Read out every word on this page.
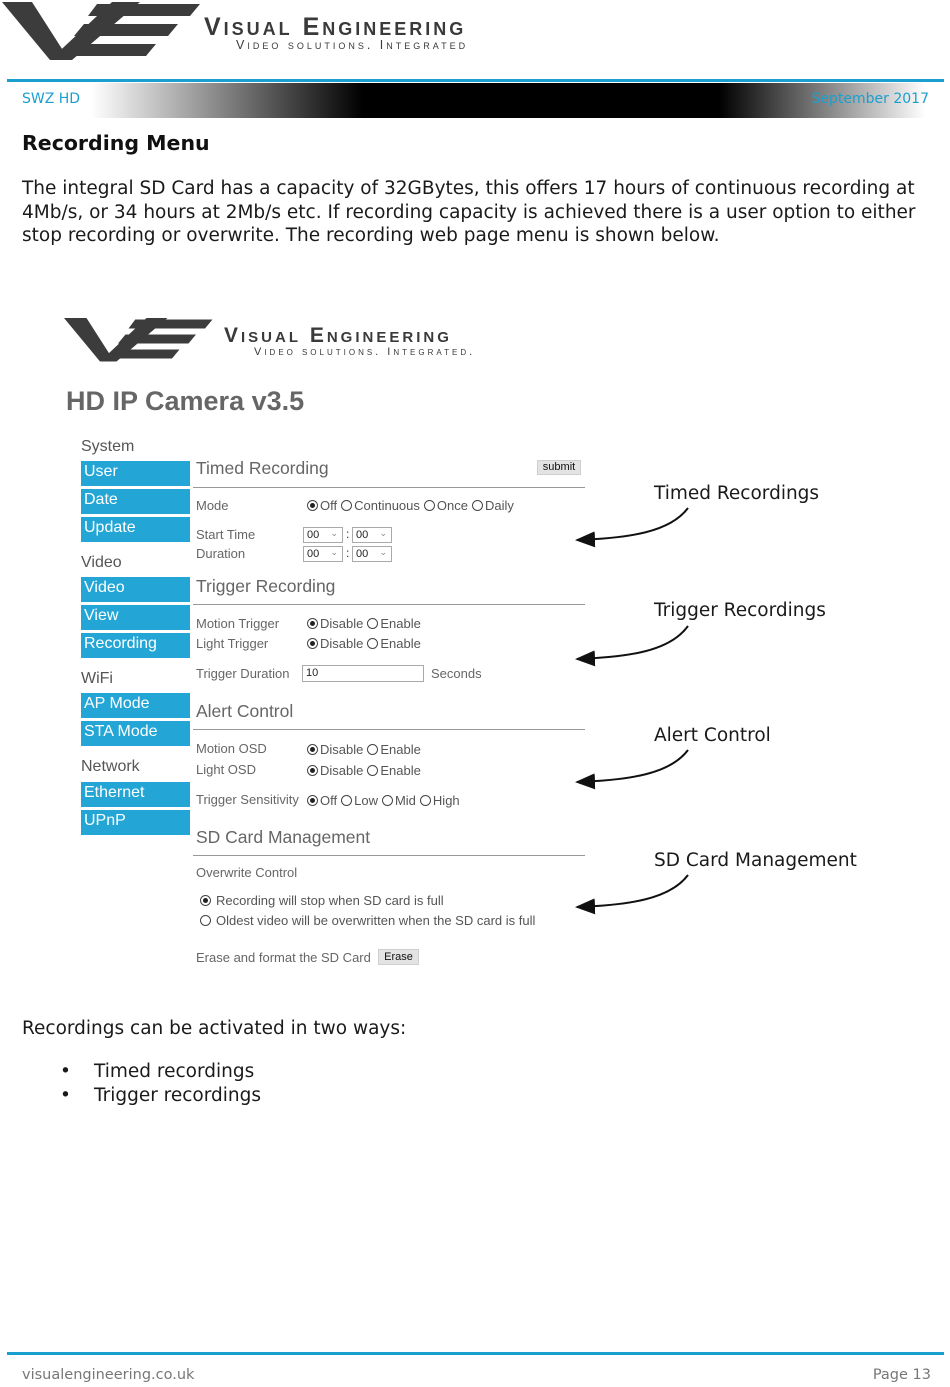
Visual Engineering
Video solutions. Integrated
SWZ HD	September 2017
Recording Menu
The integral SD Card has a capacity of 32GBytes, this offers 17 hours of continuous recording at
4Mb/s, or 34 hours at 2Mb/s etc. If recording capacity is achieved there is a user option to either
stop recording or overwrite. The recording web page menu is shown below.
Visual Engineering
Video solutions. Integrated.
HD IP Camera v3.5
System
User
Date
Update
Video
Video
View
Recording
WiFi
AP Mode
STA Mode
Network
Ethernet
UPnP
Timed Recording	submit
Mode	Off Continuous Once Daily
Start Time	00 ⌄ : 00 ⌄
Duration	00 ⌄ : 00 ⌄
Trigger Recording
Motion Trigger	Disable Enable
Light Trigger	Disable Enable
Trigger Duration	10	Seconds
Alert Control
Motion OSD	Disable Enable
Light OSD	Disable Enable
Trigger Sensitivity Off Low Mid High
SD Card Management
Overwrite Control
Recording will stop when SD card is full
Oldest video will be overwritten when the SD card is full
Erase and format the SD Card	Erase
Timed Recordings
Trigger Recordings
Alert Control
SD Card Management
Recordings can be activated in two ways:
•	Timed recordings
•	Trigger recordings
visualengineering.co.uk	Page 13
